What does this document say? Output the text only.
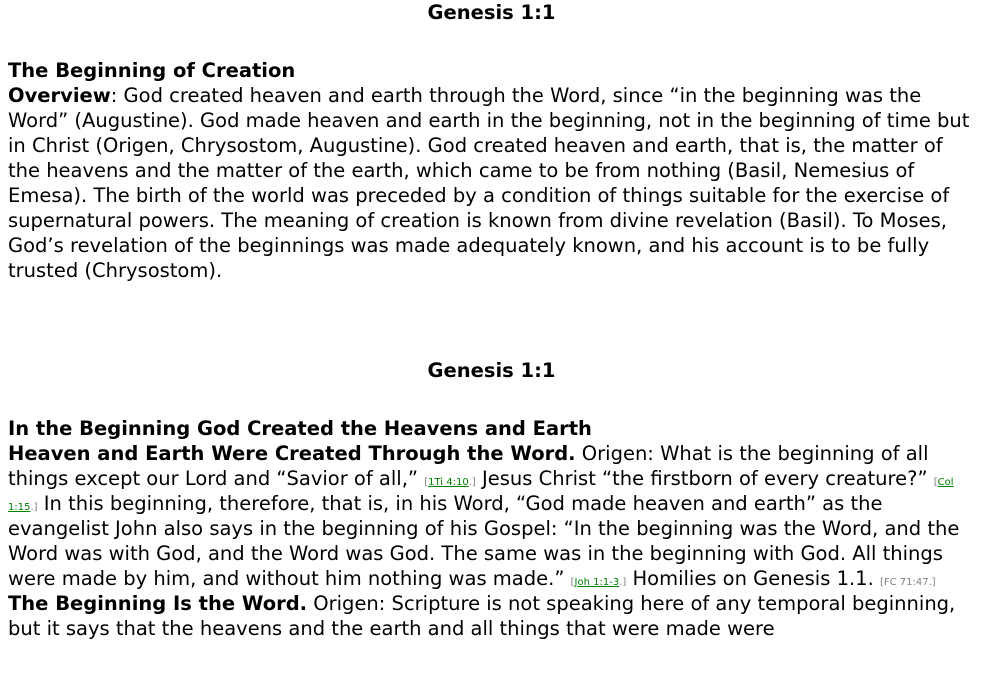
Genesis 1:1
The Beginning of Creation

Overview: God created heaven and earth through the Word, since “in the beginning was the Word” (Augustine). God made heaven and earth in the beginning, not in the beginning of time but in Christ (Origen, Chrysostom, Augustine). God created heaven and earth, that is, the matter of the heavens and the matter of the earth, which came to be from nothing (Basil, Nemesius of Emesa). The birth of the world was preceded by a condition of things suitable for the exercise of supernatural powers. The meaning of creation is known from divine revelation (Basil). To Moses, God’s revelation of the beginnings was made adequately known, and his account is to be fully trusted (Chrysostom).

Genesis 1:1
In the Beginning God Created the Heavens and Earth

Heaven and Earth Were Created Through the Word. Origen: What is the beginning of all things except our Lord and “Savior of all,” [1Ti 4:10.] Jesus Christ “the firstborn of every creature?” [Col 1:15.] In this beginning, therefore, that is, in his Word, “God made heaven and earth” as the evangelist John also says in the beginning of his Gospel: “In the beginning was the Word, and the Word was with God, and the Word was God. The same was in the beginning with God. All things were made by him, and without him nothing was made.” [Joh 1:1-3.] Homilies on Genesis 1.1. [FC 71:47.]

The Beginning Is the Word. Origen: Scripture is not speaking here of any temporal beginning, but it says that the heavens and the earth and all things that were made were
